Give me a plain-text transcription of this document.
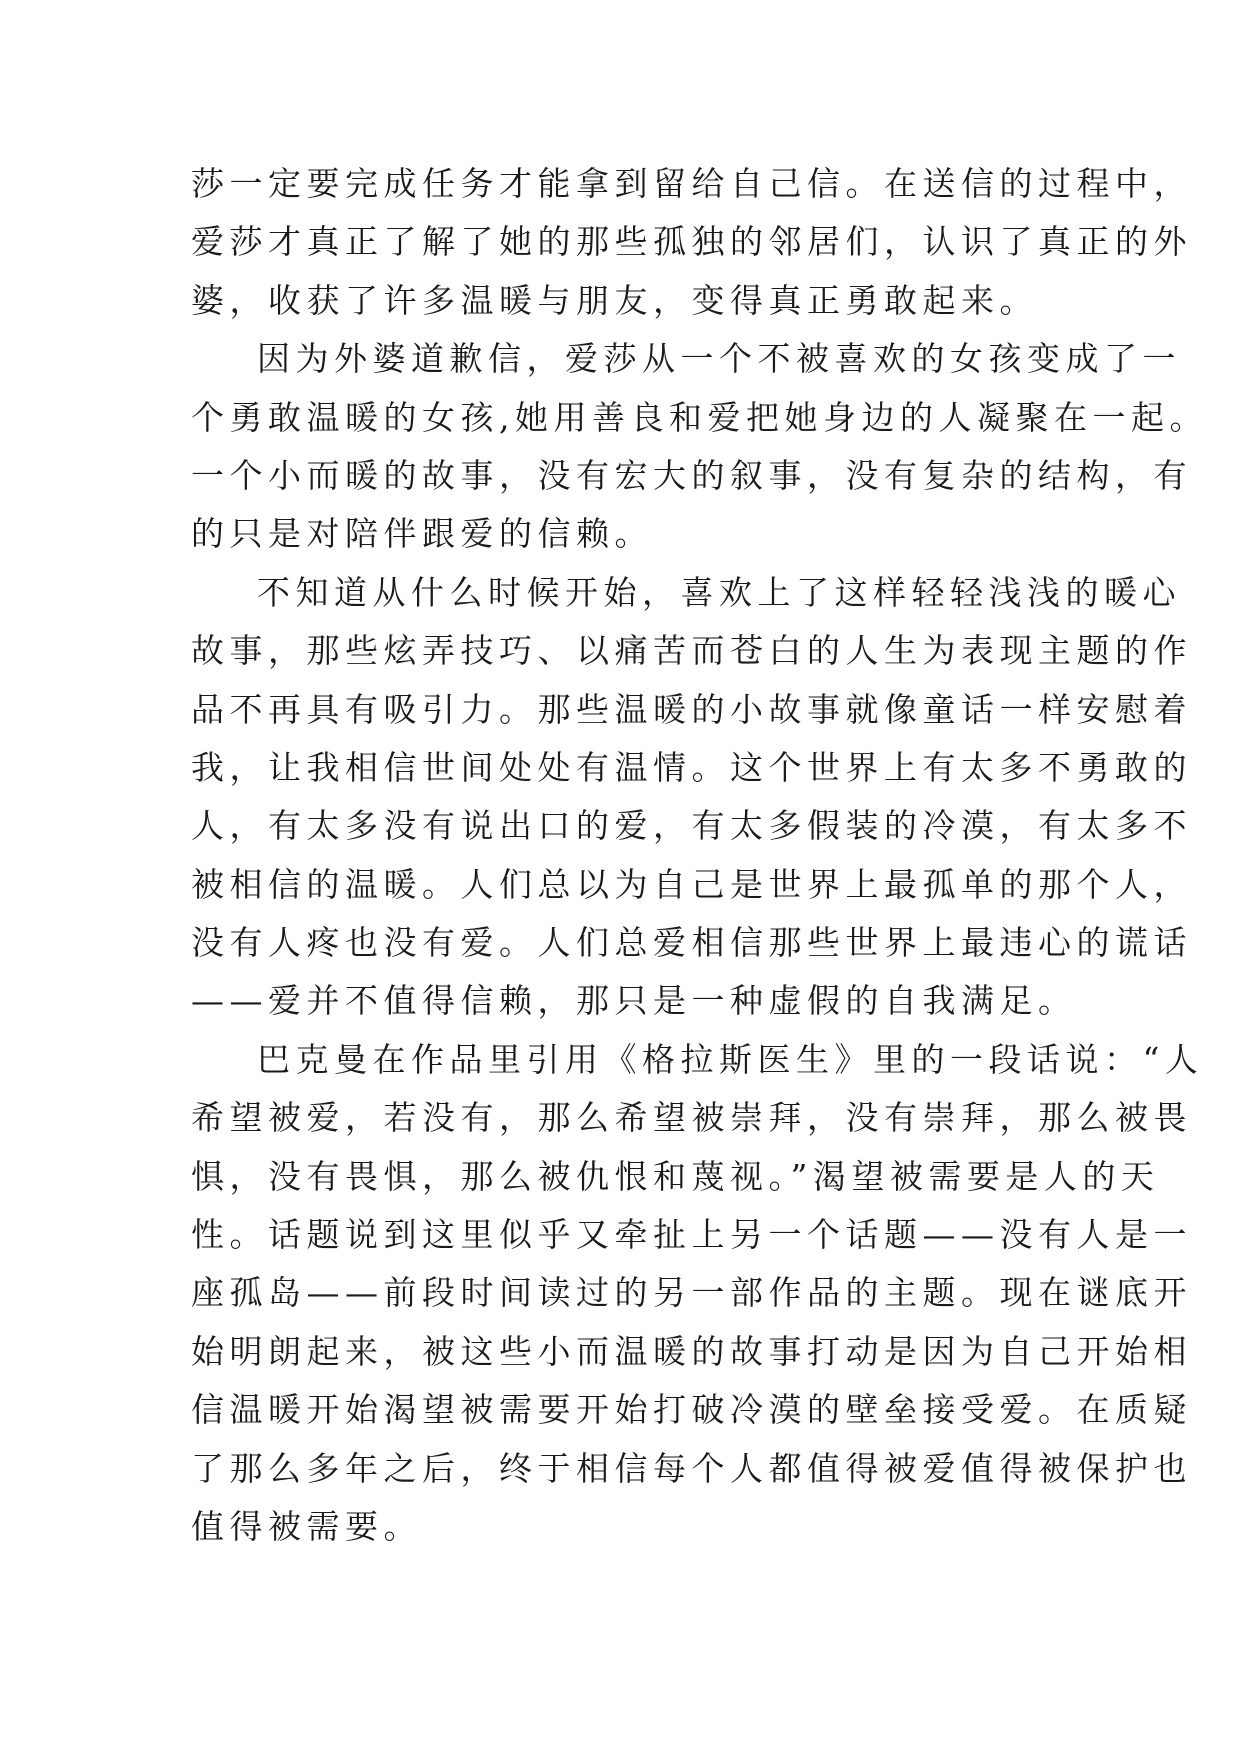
莎一定要完成任务才能拿到留给自己信。在送信的过程中，
爱莎才真正了解了她的那些孤独的邻居们，认识了真正的外
婆，收获了许多温暖与朋友，变得真正勇敢起来。
因为外婆道歉信，爱莎从一个不被喜欢的女孩变成了一
个勇敢温暖的女孩,她用善良和爱把她身边的人凝聚在一起。
一个小而暖的故事，没有宏大的叙事，没有复杂的结构，有
的只是对陪伴跟爱的信赖。
不知道从什么时候开始，喜欢上了这样轻轻浅浅的暖心
故事，那些炫弄技巧、以痛苦而苍白的人生为表现主题的作
品不再具有吸引力。那些温暖的小故事就像童话一样安慰着
我，让我相信世间处处有温情。这个世界上有太多不勇敢的
人，有太多没有说出口的爱，有太多假装的冷漠，有太多不
被相信的温暖。人们总以为自己是世界上最孤单的那个人，
没有人疼也没有爱。人们总爱相信那些世界上最违心的谎话
——爱并不值得信赖，那只是一种虚假的自我满足。
巴克曼在作品里引用《格拉斯医生》里的一段话说：“人
希望被爱，若没有，那么希望被崇拜，没有崇拜，那么被畏
惧，没有畏惧，那么被仇恨和蔑视。”渴望被需要是人的天
性。话题说到这里似乎又牵扯上另一个话题——没有人是一
座孤岛——前段时间读过的另一部作品的主题。现在谜底开
始明朗起来，被这些小而温暖的故事打动是因为自己开始相
信温暖开始渴望被需要开始打破冷漠的壁垒接受爱。在质疑
了那么多年之后，终于相信每个人都值得被爱值得被保护也
值得被需要。
